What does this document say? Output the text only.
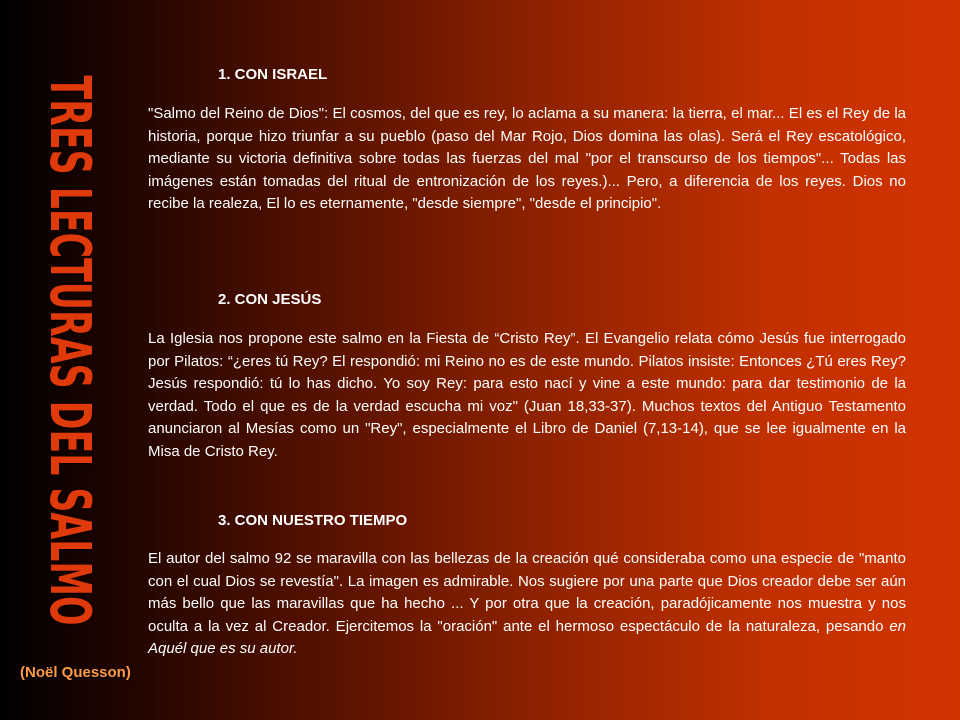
TRES LECTURAS DEL SALMO
(Noël Quesson)
1. CON ISRAEL
"Salmo del Reino de Dios": El cosmos, del que es rey, lo aclama a su manera: la tierra, el mar... El es el Rey de la historia, porque hizo triunfar a su pueblo (paso del Mar Rojo, Dios domina las olas). Será el Rey escatológico, mediante su victoria definitiva sobre todas las fuerzas del mal "por el transcurso de los tiempos"... Todas las imágenes están tomadas del ritual de entronización de los reyes.)... Pero, a diferencia de los reyes. Dios no recibe la realeza, El lo es eternamente, "desde siempre", "desde el principio".
2. CON JESÚS
La Iglesia nos propone este salmo en la Fiesta de “Cristo Rey”. El Evangelio relata cómo Jesús fue interrogado por Pilatos: “¿eres tú Rey? El respondió: mi Reino no es de este mundo. Pilatos insiste: Entonces ¿Tú eres Rey? Jesús respondió: tú lo has dicho. Yo soy Rey: para esto nací y vine a este mundo: para dar testimonio de la verdad. Todo el que es de la verdad escucha mi voz" (Juan 18,33-37). Muchos textos del Antiguo Testamento anunciaron al Mesías como un "Rey", especialmente el Libro de Daniel (7,13-14), que se lee igualmente en la Misa de Cristo Rey.
3. CON NUESTRO TIEMPO
El autor del salmo 92 se maravilla con las bellezas de la creación qué consideraba como una especie de "manto con el cual Dios se revestía". La imagen es admirable. Nos sugiere por una parte que Dios creador debe ser aún más bello que las maravillas que ha hecho ... Y por otra que la creación, paradójicamente nos muestra y nos oculta a la vez al Creador. Ejercitemos la "oración" ante el hermoso espectáculo de la naturaleza, pesando en Aquél que es su autor.
